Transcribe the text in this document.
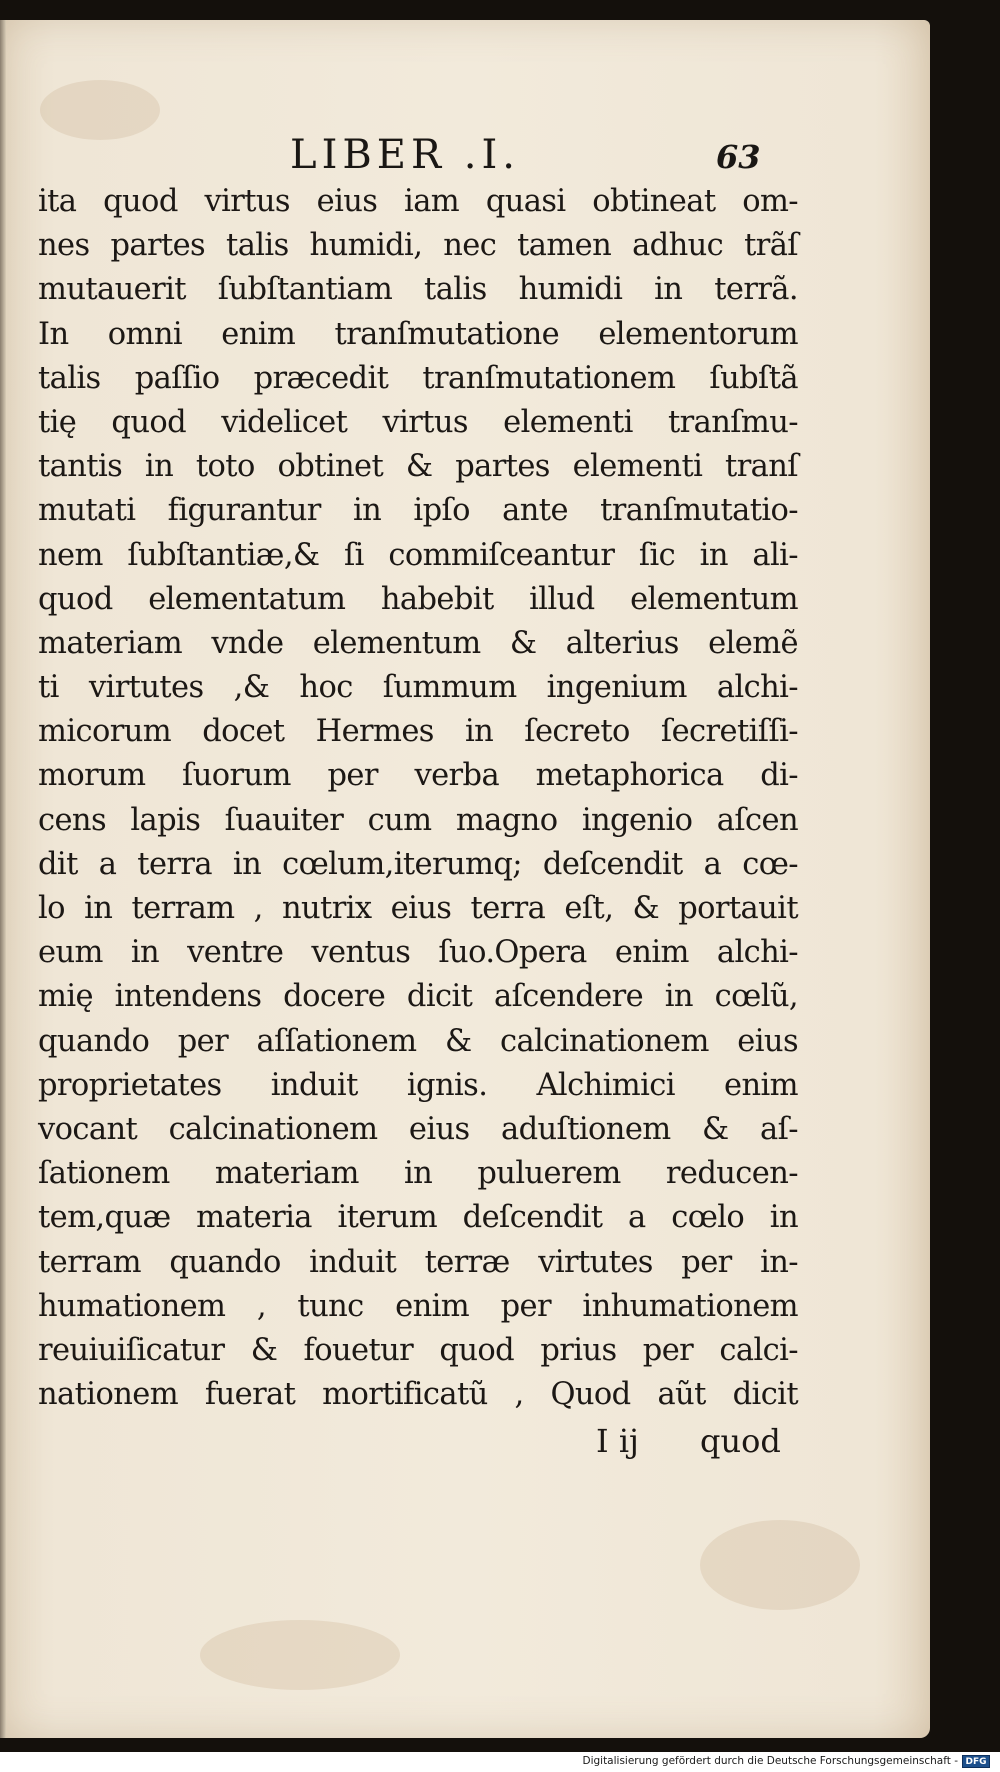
LIBER .I.	63
ita quod virtus eius iam quasi obtineat om-
nes partes talis humidi, nec tamen adhuc trãſ
mutauerit ſubſtantiam talis humidi in terrã.
In omni enim tranſmutatione elementorum
talis paſſio præcedit tranſmutationem ſubſtã
tię quod videlicet virtus elementi tranſmu-
tantis in toto obtinet & partes elementi tranſ
mutati figurantur in ipſo ante tranſmutatio-
nem ſubſtantiæ,& ſi commiſceantur ſic in ali-
quod elementatum habebit illud elementum
materiam vnde elementum & alterius elemẽ
ti virtutes ,& hoc ſummum ingenium alchi-
micorum docet Hermes in ſecreto ſecretiſſi-
morum ſuorum per verba metaphorica di-
cens lapis ſuauiter cum magno ingenio aſcen
dit a terra in cœlum,iterumq; deſcendit a cœ-
lo in terram , nutrix eius terra eſt, & portauit
eum in ventre ventus ſuo.Opera enim alchi-
mię intendens docere dicit aſcendere in cœlũ,
quando per aſſationem & calcinationem eius
proprietates induit ignis. Alchimici enim
vocant calcinationem eius aduſtionem & aſ-
ſationem materiam in puluerem reducen-
tem,quæ materia iterum deſcendit a cœlo in
terram quando induit terræ virtutes per in-
humationem , tunc enim per inhumationem
reuiuiſicatur & fouetur quod prius per calci-
nationem fuerat mortificatũ , Quod aũt dicit
I ij quod
Digitalisierung gefördert durch die Deutsche Forschungsgemeinschaft - DFG
